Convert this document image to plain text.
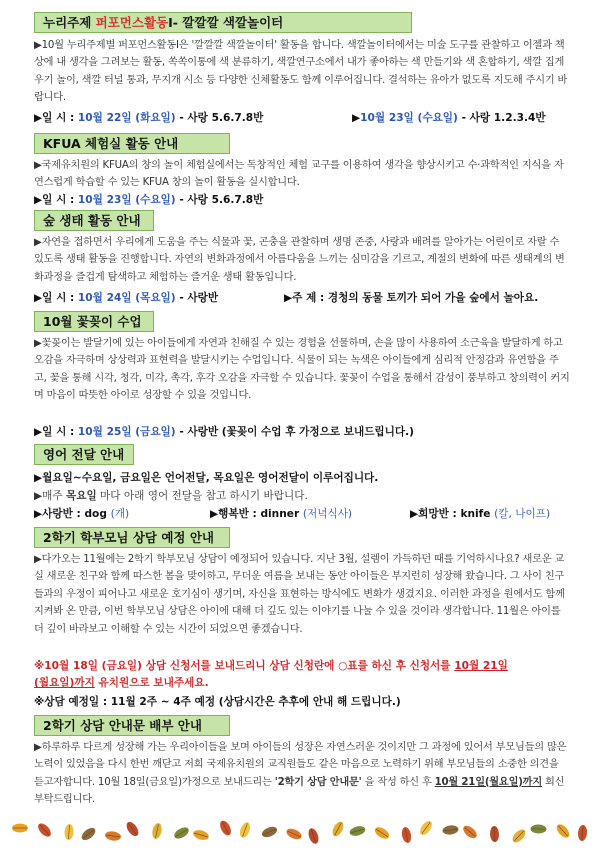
누리주제 퍼포먼스활동Ⅰ- 깔깔깔 색깔놀이터

▶10월 누리주제별 퍼포먼스활동Ⅰ은 '깔깔깔 색깔놀이터' 활동을 합니다. 색깔놀이터에서는 미술 도구를 관찰하고 이젤과 책상에 내 생각을 그려보는 활동, 쏙쏙이통에 색 분류하기, 색깔연구소에서 내가 좋아하는 색 만들기와 색 혼합하기, 색깔 집게우기 놀이, 색깔 터널 통과, 무지개 시소 등 다양한 신체활동도 함께 이루어집니다. 결석하는 유아가 없도록 지도해 주시기 바랍니다.

▶일 시 : 10월 22일 (화요일) - 사랑 5.6.7.8반	▶10월 23일 (수요일) - 사랑 1.2.3.4반
KFUA 체험실 활동 안내

▶국제유치원의 KFUA의 창의 놀이 체험실에서는 독창적인 체험 교구를 이용하여 생각을 향상시키고 수·과학적인 지식을 자연스럽게 학습할 수 있는 KFUA 창의 놀이 활동을 실시합니다.

▶일 시 : 10월 23일 (수요일) - 사랑 5.6.7.8반
숲 생태 활동 안내

▶자연을 접하면서 우리에게 도움을 주는 식물과 꽃, 곤충을 관찰하며 생명 존중, 사랑과 배려를 알아가는 어린이로 자랄 수 있도록 생태 활동을 진행합니다. 자연의 변화과정에서 아름다움을 느끼는 심미감을 기르고, 계절의 변화에 따른 생태계의 변화과정을 즐겁게 탐색하고 체험하는 즐거운 생태 활동입니다.

▶일 시 : 10월 24일 (목요일) - 사랑반	▶주 제 : 경청의 동물 토끼가 되어 가을 숲에서 놀아요.
10월 꽃꽂이 수업

▶꽃꽂이는 발달기에 있는 아이들에게 자연과 친해질 수 있는 경험을 선물하며, 손을 많이 사용하여 소근육을 발달하게 하고 오감을 자극하며 상상력과 표현력을 발달시키는 수업입니다. 식물이 되는 녹색은 아이들에게 심리적 안정감과 유연함을 주고, 꽃을 통해 시각, 청각, 미각, 촉각, 후각 오감을 자극할 수 있습니다. 꽃꽂이 수업을 통해서 감성이 풍부하고 창의력이 커지며 마음이 따뜻한 아이로 성장할 수 있을 것입니다.

▶일 시 : 10월 25일 (금요일) - 사랑반 (꽃꽂이 수업 후 가정으로 보내드립니다.)
영어 전달 안내
▶월요일~수요일, 금요일은 언어전달, 목요일은 영어전달이 이루어집니다.
▶매주 목요일 마다 아래 영어 전달을 참고 하시기 바랍니다.
▶사랑반 : dog (개)	▶행복반 : dinner (저녁식사)	▶희망반 : knife (칼, 나이프)
2학기 학부모님 상담 예정 안내

▶다가오는 11월에는 2학기 학부모님 상담이 예정되어 있습니다. 지난 3월, 설렘이 가득하던 때를 기억하시나요? 새로운 교실 새로운 친구와 함께 따스한 봄을 맞이하고, 무더운 여름을 보내는 동안 아이들은 부지런히 성장해 왔습니다. 그 사이 친구들과의 우정이 피어나고 새로운 호기심이 생기며, 자신을 표현하는 방식에도 변화가 생겼지요. 이러한 과정을 원에서도 함께 지켜봐 온 만큼, 이번 학부모님 상담은 아이에 대해 더 깊도 있는 이야기를 나눌 수 있을 것이라 생각합니다. 11월은 아이를 더 깊이 바라보고 이해할 수 있는 시간이 되었으면 좋겠습니다.

※10월 18일 (금요일) 상담 신청서를 보내드리니 상담 신청란에 ○표를 하신 후 신청서를 10월 21일
(월요일)까지 유치원으로 보내주세요.
※상담 예정일 : 11월 2주 ~ 4주 예정 (상담시간은 추후에 안내 해 드립니다.)
2학기 상담 안내문 배부 안내

▶하루하루 다르게 성장해 가는 우리아이들을 보며 아이들의 성장은 자연스러운 것이지만 그 과정에 있어서 부모님들의 많은 노력이 있었음을 다시 한번 깨닫고 저희 국제유치원의 교직원들도 같은 마음으로 노력하기 위해 부모님들의 소중한 의견을 듣고자합니다. 10월 18일(금요일)가정으로 보내드리는 '2학기 상담 안내문' 을 작성 하신 후 10월 21일(월요일)까지 회신 부탁드립니다.
